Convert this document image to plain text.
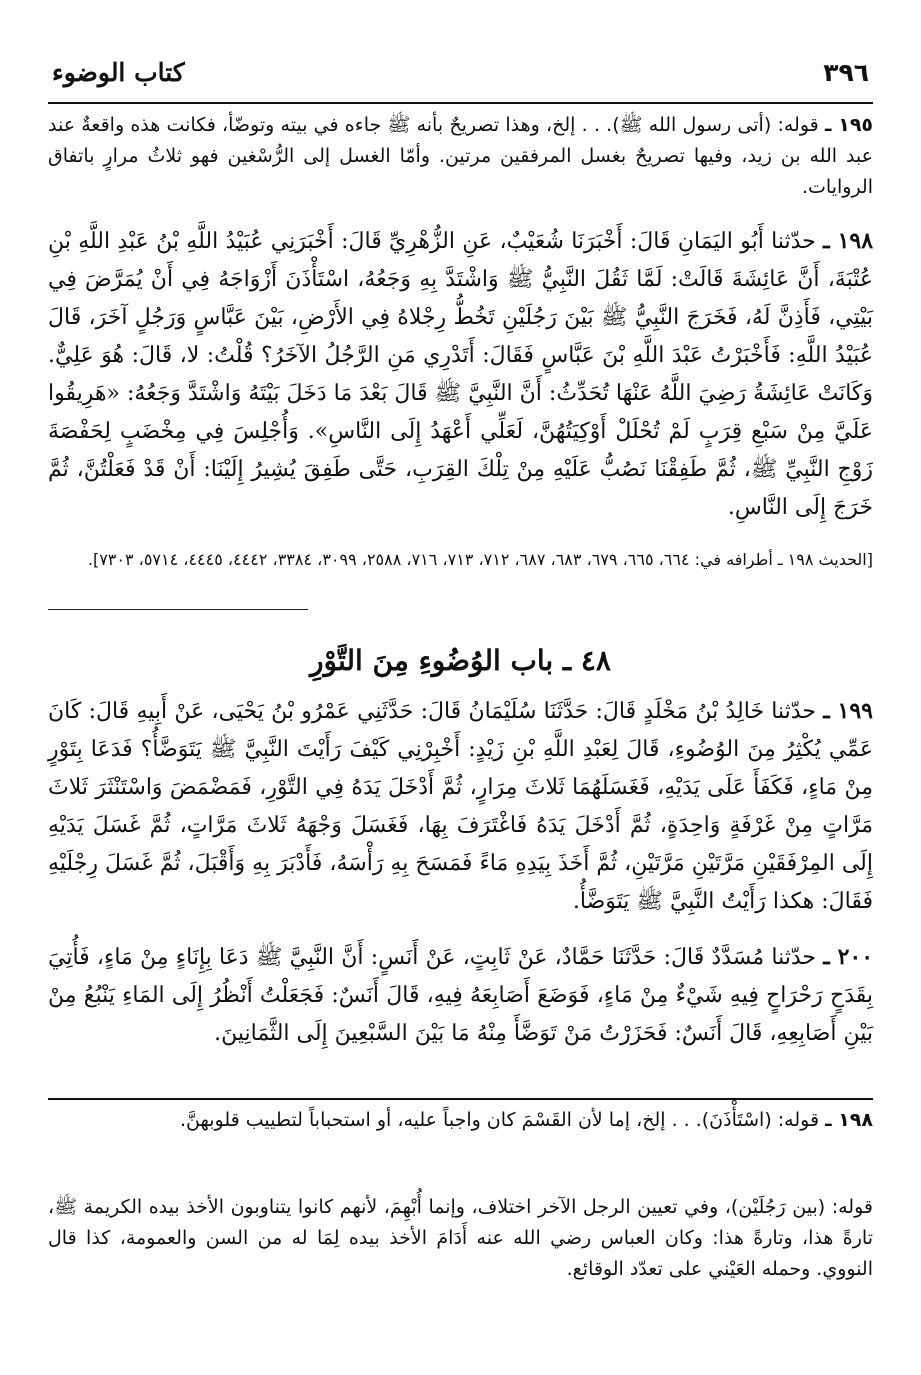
٣٩٦
كتاب الوضوء
١٩٥ ـ قوله: (أتى رسول الله ﷺ). . . إلخ، وهذا تصريحٌ بأنه ﷺ جاءه في بيته وتوضّأ، فكانت هذه واقعةٌ عند عبد الله بن زيد، وفيها تصريحٌ بغسل المرفقين مرتين. وأمّا الغسل إلى الرُّسْغين فهو ثلاثُ مرارٍ باتفاق الروايات.
١٩٨ ـ حدّثنا أَبُو اليَمَانِ قَالَ: أَخْبَرَنَا شُعَيْبٌ، عَنِ الزُّهْرِيِّ قَالَ: أَخْبَرَنِي عُبَيْدُ اللَّهِ بْنُ عَبْدِ اللَّهِ بْنِ عُتْبَةَ، أَنَّ عَائِشَةَ قَالَتْ: لَمَّا ثَقُلَ النَّبِيُّ ﷺ وَاشْتَدَّ بِهِ وَجَعُهُ، اسْتَأْذَنَ أَزْوَاجَهُ فِي أَنْ يُمَرَّضَ فِي بَيْتِي، فَأَذِنَّ لَهُ، فَخَرَجَ النَّبِيُّ ﷺ بَيْنَ رَجُلَيْنِ تَخُطُّ رِجْلاهُ فِي الأَرْضِ، بَيْنَ عَبَّاسٍ وَرَجُلٍ آخَرَ، قَالَ عُبَيْدُ اللَّهِ: فَأَخْبَرْتُ عَبْدَ اللَّهِ بْنَ عَبَّاسٍ فَقَالَ: أَتَدْرِي مَنِ الرَّجُلُ الآخَرُ؟ قُلْتُ: لا، قَالَ: هُوَ عَلِيٌّ. وَكَانَتْ عَائِشَةُ رَضِيَ اللَّهُ عَنْهَا تُحَدِّثُ: أَنَّ النَّبِيَّ ﷺ قَالَ بَعْدَ مَا دَخَلَ بَيْتَهُ وَاشْتَدَّ وَجَعُهُ: «هَرِيقُوا عَلَيَّ مِنْ سَبْعِ قِرَبٍ لَمْ تُحْلَلْ أَوْكِيَتُهُنَّ، لَعَلِّي أَعْهَدُ إِلَى النَّاسِ». وَأُجْلِسَ فِي مِخْضَبٍ لِحَفْصَةَ زَوْجِ النَّبِيِّ ﷺ، ثُمَّ طَفِقْنَا نَصُبُّ عَلَيْهِ مِنْ تِلْكَ القِرَبِ، حَتَّى طَفِقَ يُشِيرُ إِلَيْنَا: أَنْ قَدْ فَعَلْتُنَّ، ثُمَّ خَرَجَ إِلَى النَّاسِ.
[الحديث ١٩٨ ـ أطرافه في: ٦٦٤، ٦٦٥، ٦٧٩، ٦٨٣، ٦٨٧، ٧١٢، ٧١٣، ٧١٦، ٢٥٨٨، ٣٠٩٩، ٣٣٨٤، ٤٤٤٢، ٤٤٤٥، ٥٧١٤، ٧٣٠٣].
٤٨ ـ باب الوُضُوءِ مِنَ التَّوْرِ
١٩٩ ـ حدّثنا خَالِدُ بْنُ مَخْلَدٍ قَالَ: حَدَّثَنَا سُلَيْمَانُ قَالَ: حَدَّثَنِي عَمْرُو بْنُ يَحْيَى، عَنْ أَبِيهِ قَالَ: كَانَ عَمِّي يُكْثِرُ مِنَ الوُضُوءِ، قَالَ لِعَبْدِ اللَّهِ بْنِ زَيْدٍ: أَخْبِرْنِي كَيْفَ رَأَيْتَ النَّبِيَّ ﷺ يَتَوَضَّأُ؟ فَدَعَا بِتَوْرٍ مِنْ مَاءٍ، فَكَفَأَ عَلَى يَدَيْهِ، فَغَسَلَهُمَا ثَلاثَ مِرَارٍ، ثُمَّ أَدْخَلَ يَدَهُ فِي التَّوْرِ، فَمَضْمَضَ وَاسْتَنْثَرَ ثَلاثَ مَرَّاتٍ مِنْ غَرْفَةٍ وَاحِدَةٍ، ثُمَّ أَدْخَلَ يَدَهُ فَاغْتَرَفَ بِهَا، فَغَسَلَ وَجْهَهُ ثَلاثَ مَرَّاتٍ، ثُمَّ غَسَلَ يَدَيْهِ إِلَى المِرْفَقَيْنِ مَرَّتَيْنِ مَرَّتَيْنِ، ثُمَّ أَخَذَ بِيَدِهِ مَاءً فَمَسَحَ بِهِ رَأْسَهُ، فَأَدْبَرَ بِهِ وَأَقْبَلَ، ثُمَّ غَسَلَ رِجْلَيْهِ فَقَالَ: هكذا رَأَيْتُ النَّبِيَّ ﷺ يَتَوَضَّأُ.
٢٠٠ ـ حدّثنا مُسَدَّدٌ قَالَ: حَدَّثَنَا حَمَّادٌ، عَنْ ثَابِتٍ، عَنْ أَنَسٍ: أَنَّ النَّبِيَّ ﷺ دَعَا بِإِنَاءٍ مِنْ مَاءٍ، فَأُتِيَ بِقَدَحٍ رَحْرَاحٍ فِيهِ شَيْءٌ مِنْ مَاءٍ، فَوَضَعَ أَصَابِعَهُ فِيهِ، قَالَ أَنَسٌ: فَجَعَلْتُ أَنْظُرُ إِلَى المَاءِ يَنْبُعُ مِنْ بَيْنِ أَصَابِعِهِ، قَالَ أَنَسٌ: فَحَزَرْتُ مَنْ تَوَضَّأَ مِنْهُ مَا بَيْنَ السَّبْعِينَ إِلَى الثَّمَانِينَ.
١٩٨ ـ قوله: (اسْتَأْذَنَ). . . إلخ، إما لأن القَسْمَ كان واجباً عليه، أو استحباباً لتطييب قلوبهنَّ.
قوله: (بين رَجُلَيْن)، وفي تعيين الرجل الآخر اختلاف، وإنما أُبْهِمَ، لأنهم كانوا يتناوبون الأخذ بيده الكريمة ﷺ، تارةً هذا، وتارةً هذا: وكان العباس رضي الله عنه أَدَامَ الأخذ بيده لِمَا له من السن والعمومة، كذا قال النووي. وحمله العَيْني على تعدّد الوقائع.
